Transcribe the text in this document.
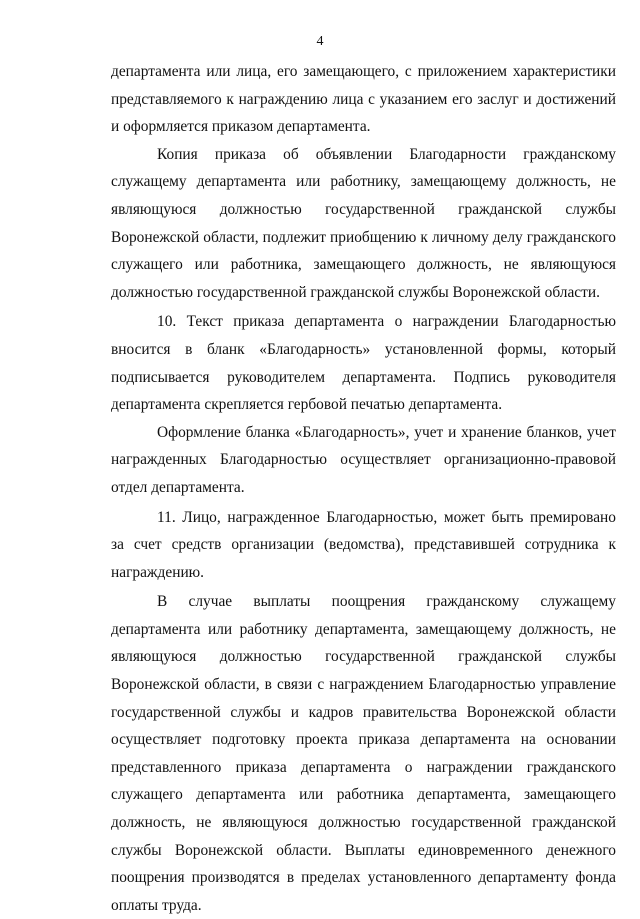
4

департамента или лица, его замещающего, с приложением характеристики представляемого к награждению лица с указанием его заслуг и достижений и оформляется приказом департамента.

Копия приказа об объявлении Благодарности гражданскому служащему департамента или работнику, замещающему должность, не являющуюся должностью государственной гражданской службы Воронежской области, подлежит приобщению к личному делу гражданского служащего или работника, замещающего должность, не являющуюся должностью государственной гражданской службы Воронежской области.

10. Текст приказа департамента о награждении Благодарностью вносится в бланк «Благодарность» установленной формы, который подписывается руководителем департамента. Подпись руководителя департамента скрепляется гербовой печатью департамента.

Оформление бланка «Благодарность», учет и хранение бланков, учет награжденных Благодарностью осуществляет организационно-правовой отдел департамента.

11. Лицо, награжденное Благодарностью, может быть премировано за счет средств организации (ведомства), представившей сотрудника к награждению.

В случае выплаты поощрения гражданскому служащему департамента или работнику департамента, замещающему должность, не являющуюся должностью государственной гражданской службы Воронежской области, в связи с награждением Благодарностью управление государственной службы и кадров правительства Воронежской области осуществляет подготовку проекта приказа департамента на основании представленного приказа департамента о награждении гражданского служащего департамента или работника департамента, замещающего должность, не являющуюся должностью государственной гражданской службы Воронежской области. Выплаты единовременного денежного поощрения производятся в пределах установленного департаменту фонда оплаты труда.
